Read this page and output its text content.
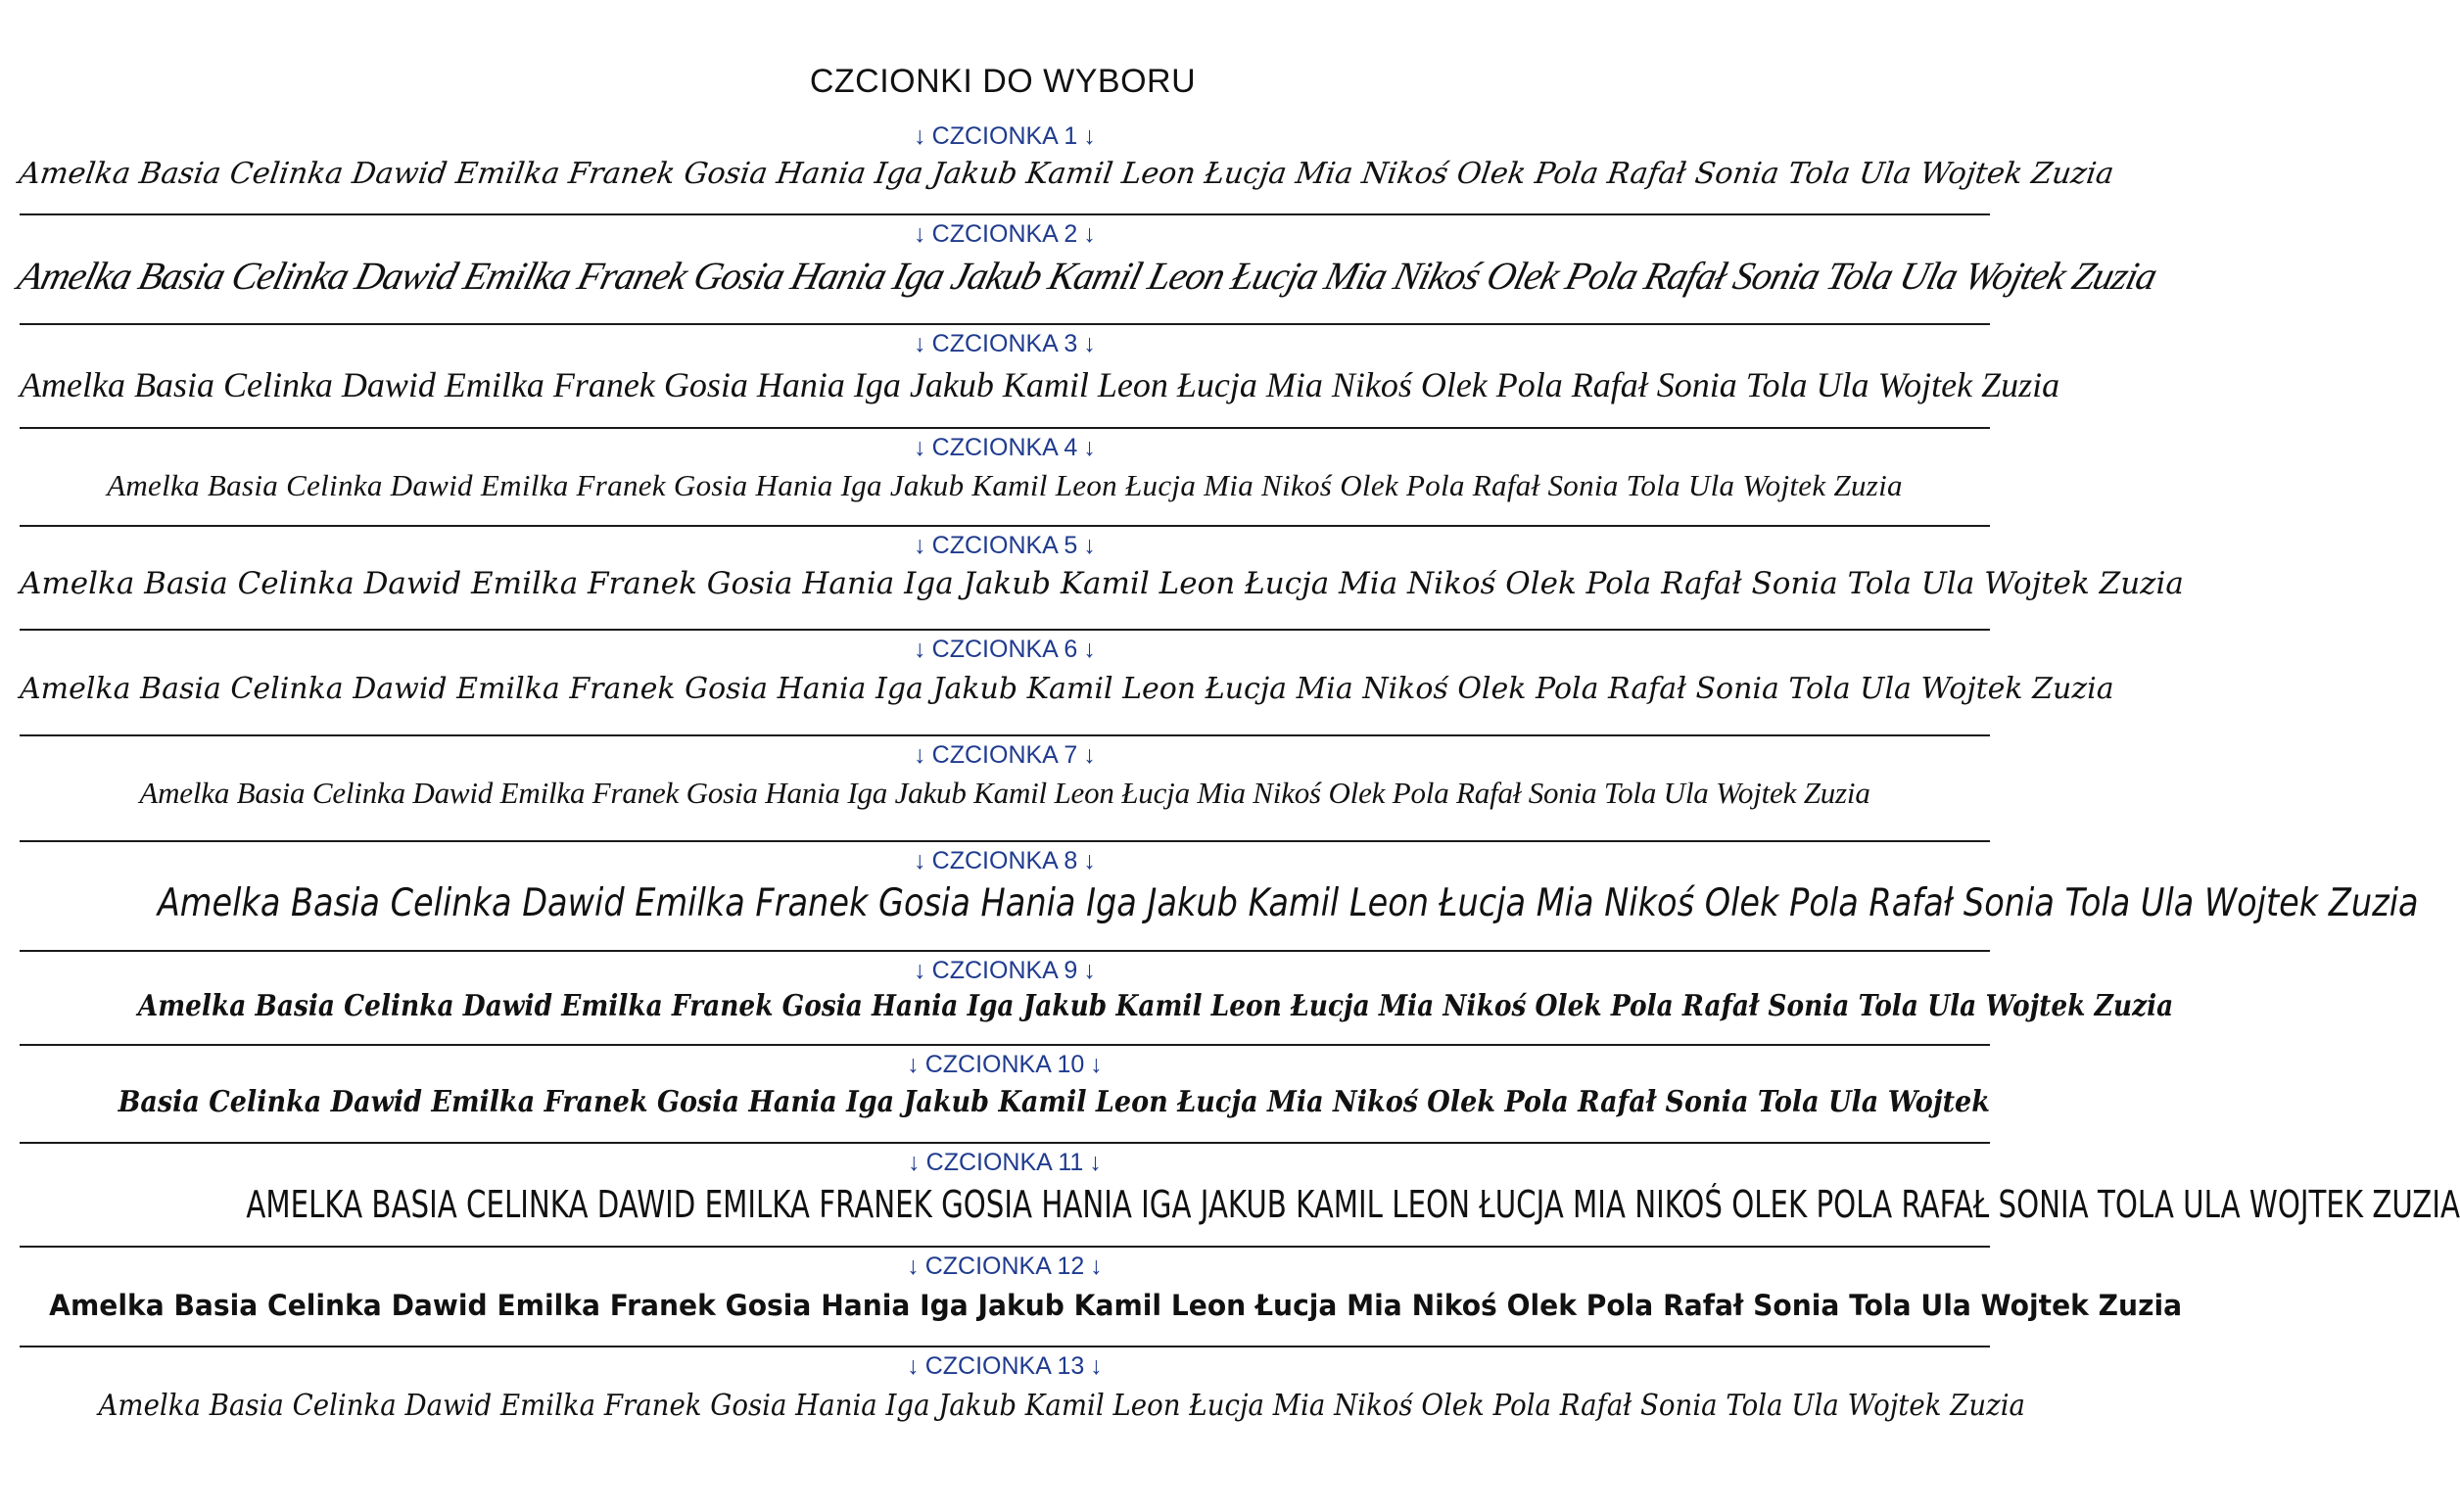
CZCIONKI DO WYBORU
↓ CZCIONKA 1 ↓
Amelka Basia Celinka Dawid Emilka Franek Gosia Hania Iga Jakub Kamil Leon Łucja Mia Nikoś Olek Pola Rafał Sonia Tola Ula Wojtek Zuzia
↓ CZCIONKA 2 ↓
Amelka Basia Celinka Dawid Emilka Franek Gosia Hania Iga Jakub Kamil Leon Łucja Mia Nikoś Olek Pola Rafał Sonia Tola Ula Wojtek Zuzia
↓ CZCIONKA 3 ↓
Amelka Basia Celinka Dawid Emilka Franek Gosia Hania Iga Jakub Kamil Leon Łucja Mia Nikoś Olek Pola Rafał Sonia Tola Ula Wojtek Zuzia
↓ CZCIONKA 4 ↓
Amelka Basia Celinka Dawid Emilka Franek Gosia Hania Iga Jakub Kamil Leon Łucja Mia Nikoś Olek Pola Rafał Sonia Tola Ula Wojtek Zuzia
↓ CZCIONKA 5 ↓
Amelka Basia Celinka Dawid Emilka Franek Gosia Hania Iga Jakub Kamil Leon Łucja Mia Nikoś Olek Pola Rafał Sonia Tola Ula Wojtek Zuzia
↓ CZCIONKA 6 ↓
Amelka Basia Celinka Dawid Emilka Franek Gosia Hania Iga Jakub Kamil Leon Łucja Mia Nikoś Olek Pola Rafał Sonia Tola Ula Wojtek Zuzia
↓ CZCIONKA 7 ↓
Amelka Basia Celinka Dawid Emilka Franek Gosia Hania Iga Jakub Kamil Leon Łucja Mia Nikoś Olek Pola Rafał Sonia Tola Ula Wojtek Zuzia
↓ CZCIONKA 8 ↓
Amelka Basia Celinka Dawid Emilka Franek Gosia Hania Iga Jakub Kamil Leon Łucja Mia Nikoś Olek Pola Rafał Sonia Tola Ula Wojtek Zuzia
↓ CZCIONKA 9 ↓
Amelka Basia Celinka Dawid Emilka Franek Gosia Hania Iga Jakub Kamil Leon Łucja Mia Nikoś Olek Pola Rafał Sonia Tola Ula Wojtek Zuzia
↓ CZCIONKA 10 ↓
Basia Celinka Dawid Emilka Franek Gosia Hania Iga Jakub Kamil Leon Łucja Mia Nikoś Olek Pola Rafał Sonia Tola Ula Wojtek
↓ CZCIONKA 11 ↓
AMELKA BASIA CELINKA DAWID EMILKA FRANEK GOSIA HANIA IGA JAKUB KAMIL LEON ŁUCJA MIA NIKOŚ OLEK POLA RAFAŁ SONIA TOLA ULA WOJTEK ZUZIA
↓ CZCIONKA 12 ↓
Amelka Basia Celinka Dawid Emilka Franek Gosia Hania Iga Jakub Kamil Leon Łucja Mia Nikoś Olek Pola Rafał Sonia Tola Ula Wojtek Zuzia
↓ CZCIONKA 13 ↓
Amelka Basia Celinka Dawid Emilka Franek Gosia Hania Iga Jakub Kamil Leon Łucja Mia Nikoś Olek Pola Rafał Sonia Tola Ula Wojtek Zuzia
